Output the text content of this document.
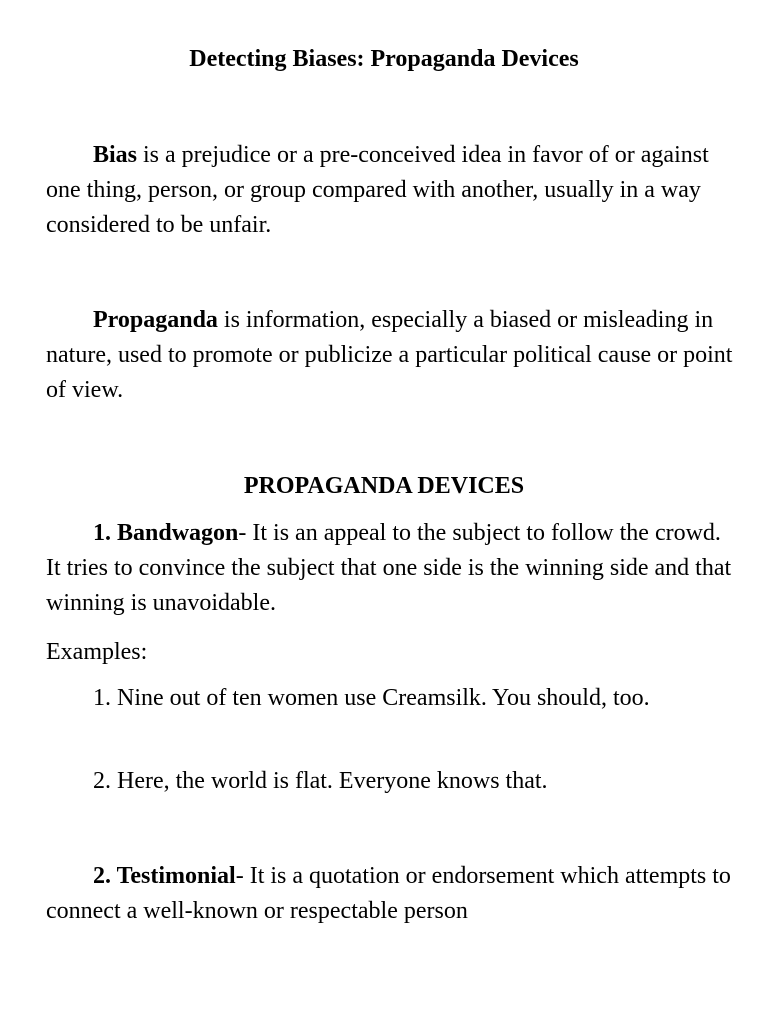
Detecting Biases: Propaganda Devices

Bias is a prejudice or a pre-conceived idea in favor of or against one thing, person, or group compared with another, usually in a way considered to be unfair.

Propaganda is information, especially a biased or misleading in nature, used to promote or publicize a particular political cause or point of view.

PROPAGANDA DEVICES

1. Bandwagon- It is an appeal to the subject to follow the crowd. It tries to convince the subject that one side is the winning side and that winning is unavoidable.

Examples:

1. Nine out of ten women use Creamsilk. You should, too.

2. Here, the world is flat. Everyone knows that.

2. Testimonial- It is a quotation or endorsement which attempts to connect a well-known or respectable person
